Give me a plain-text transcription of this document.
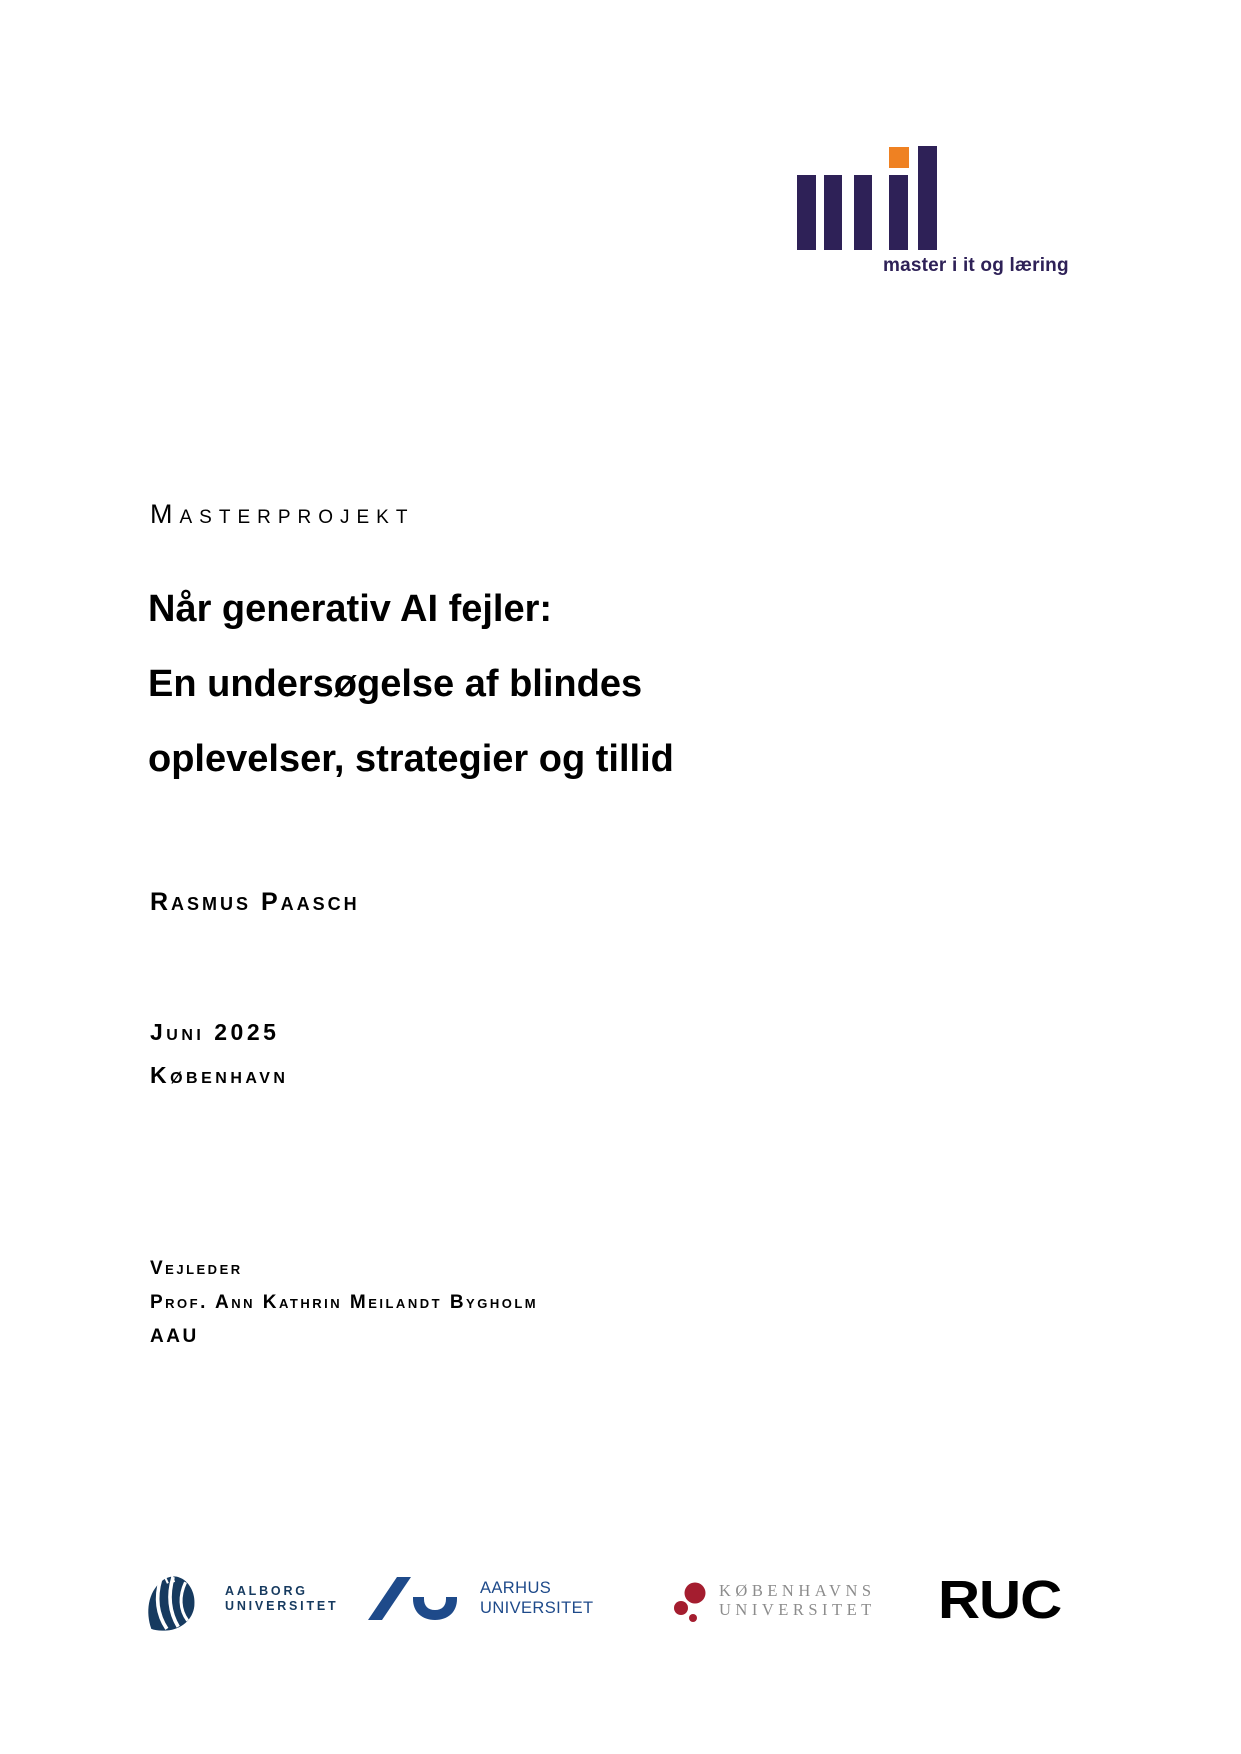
master i it og læring
Masterprojekt
Når generativ AI fejler:
En undersøgelse af blindes
oplevelser, strategier og tillid
Rasmus Paasch
Juni 2025
København
Vejleder
Prof. Ann Kathrin Meilandt Bygholm
AAU
AALBORG
UNIVERSITET
AARHUS
UNIVERSITET
KØBENHAVNS
UNIVERSITET RUC
